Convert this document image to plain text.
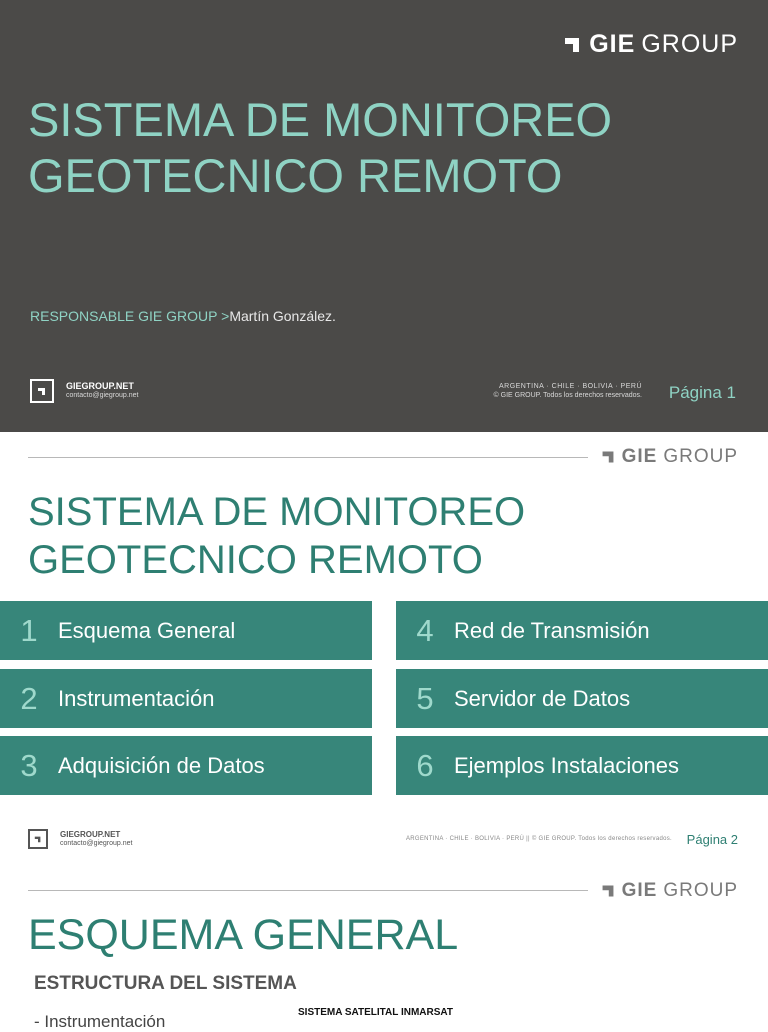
GIE GROUP
SISTEMA DE MONITOREO
GEOTECNICO REMOTO
RESPONSABLE GIE GROUP >Martín González.
GIEGROUP.NET
contacto@giegroup.net
ARGENTINA · CHILE · BOLIVIA · PERÚ
© GIE GROUP. Todos los derechos reservados. Página 1
GIE GROUP
SISTEMA DE MONITOREO
GEOTECNICO REMOTO
1 Esquema General
2 Instrumentación
3 Adquisición de Datos
4 Red de Transmisión
5 Servidor de Datos
6 Ejemplos Instalaciones
GIEGROUP.NET
contacto@giegroup.net
ARGENTINA · CHILE · BOLIVIA · PERÚ || © GIE GROUP. Todos los derechos reservados. Página 2
GIE GROUP
ESQUEMA GENERAL
ESTRUCTURA DEL SISTEMA
- Instrumentación	SISTEMA SATELITAL INMARSAT
